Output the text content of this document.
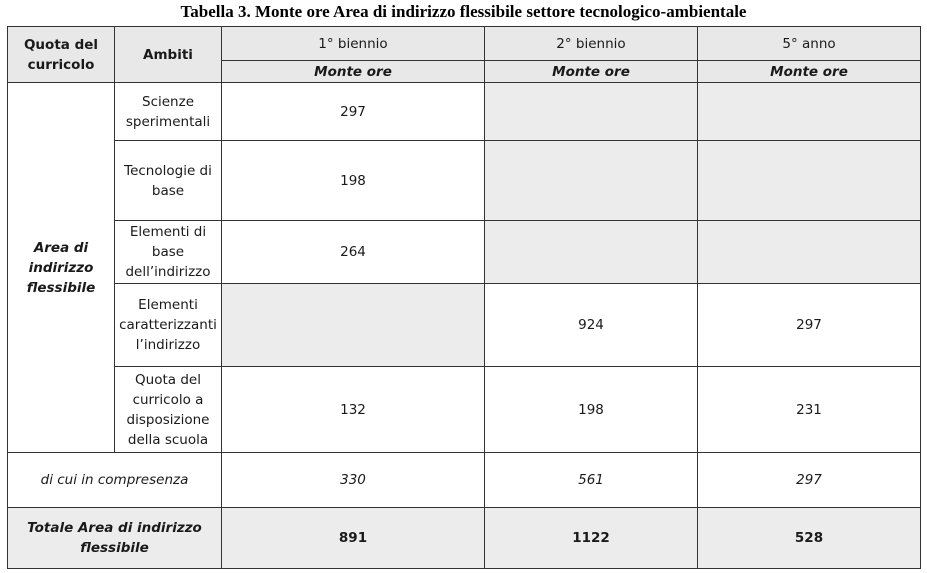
Tabella 3. Monte ore Area di indirizzo flessibile settore tecnologico-ambientale
Quota del
curricolo	Ambiti	1° biennio	2° biennio	5° anno
		Monte ore	Monte ore	Monte ore
Area di
indirizzo
flessibile	Scienze
sperimentali	297		
	Tecnologie di
base	198		
	Elementi di
base
dell’indirizzo	264		
	Elementi
caratterizzanti
l’indirizzo		924	297
	Quota del
curricolo a
disposizione
della scuola	132	198	231
di cui in compresenza		330	561	297
Totale Area di indirizzo
flessibile		891	1122	528
